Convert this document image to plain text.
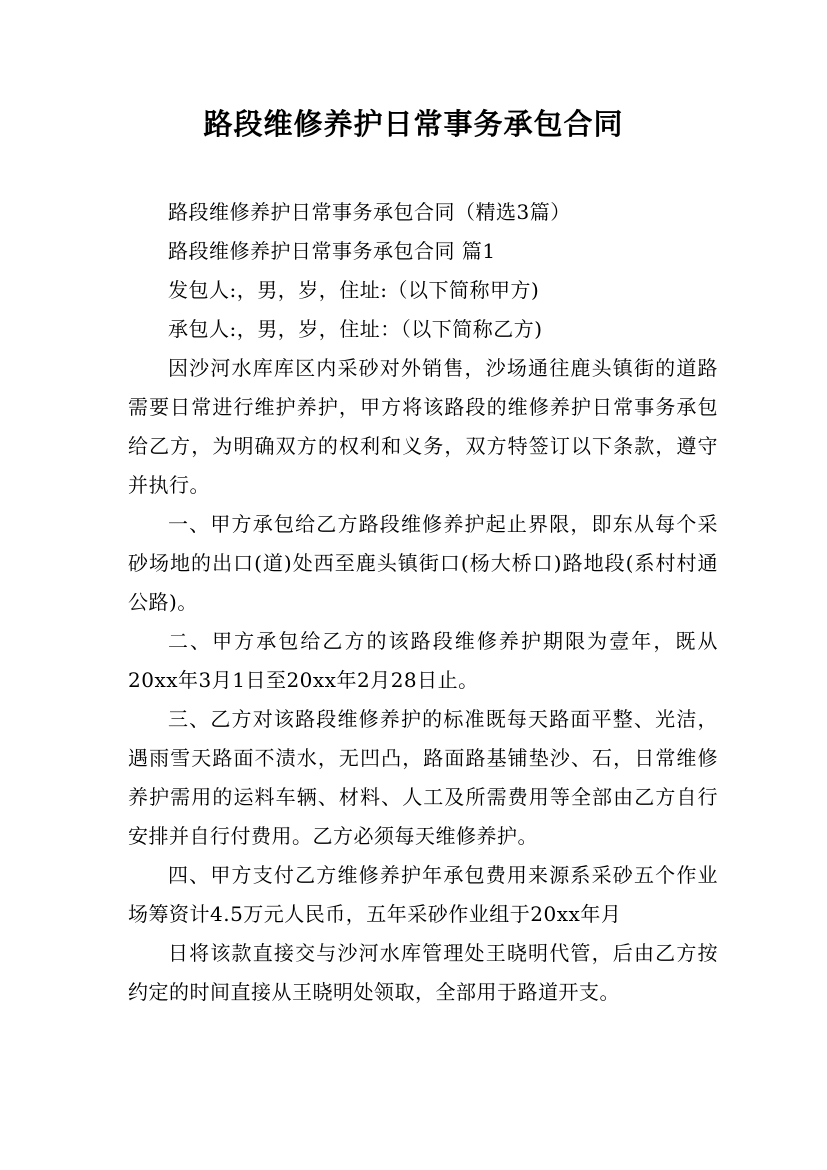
路段维修养护日常事务承包合同

路段维修养护日常事务承包合同（精选3篇）

路段维修养护日常事务承包合同 篇1

发包人:，男，岁，住址:（以下简称甲方)

承包人:，男，岁，住址：（以下简称乙方)

因沙河水库库区内采砂对外销售，沙场通往鹿头镇街的道路需要日常进行维护养护，甲方将该路段的维修养护日常事务承包给乙方，为明确双方的权利和义务，双方特签订以下条款，遵守并执行。

一、甲方承包给乙方路段维修养护起止界限，即东从每个采砂场地的出口(道)处西至鹿头镇街口(杨大桥口)路地段(系村村通公路)。

二、甲方承包给乙方的该路段维修养护期限为壹年，既从20xx年3月1日至20xx年2月28日止。

三、乙方对该路段维修养护的标准既每天路面平整、光洁，遇雨雪天路面不渍水，无凹凸，路面路基铺垫沙、石，日常维修养护需用的运料车辆、材料、人工及所需费用等全部由乙方自行安排并自行付费用。乙方必须每天维修养护。

四、甲方支付乙方维修养护年承包费用来源系采砂五个作业场筹资计4.5万元人民币，五年采砂作业组于20xx年月

日将该款直接交与沙河水库管理处王晓明代管，后由乙方按约定的时间直接从王晓明处领取，全部用于路道开支。
